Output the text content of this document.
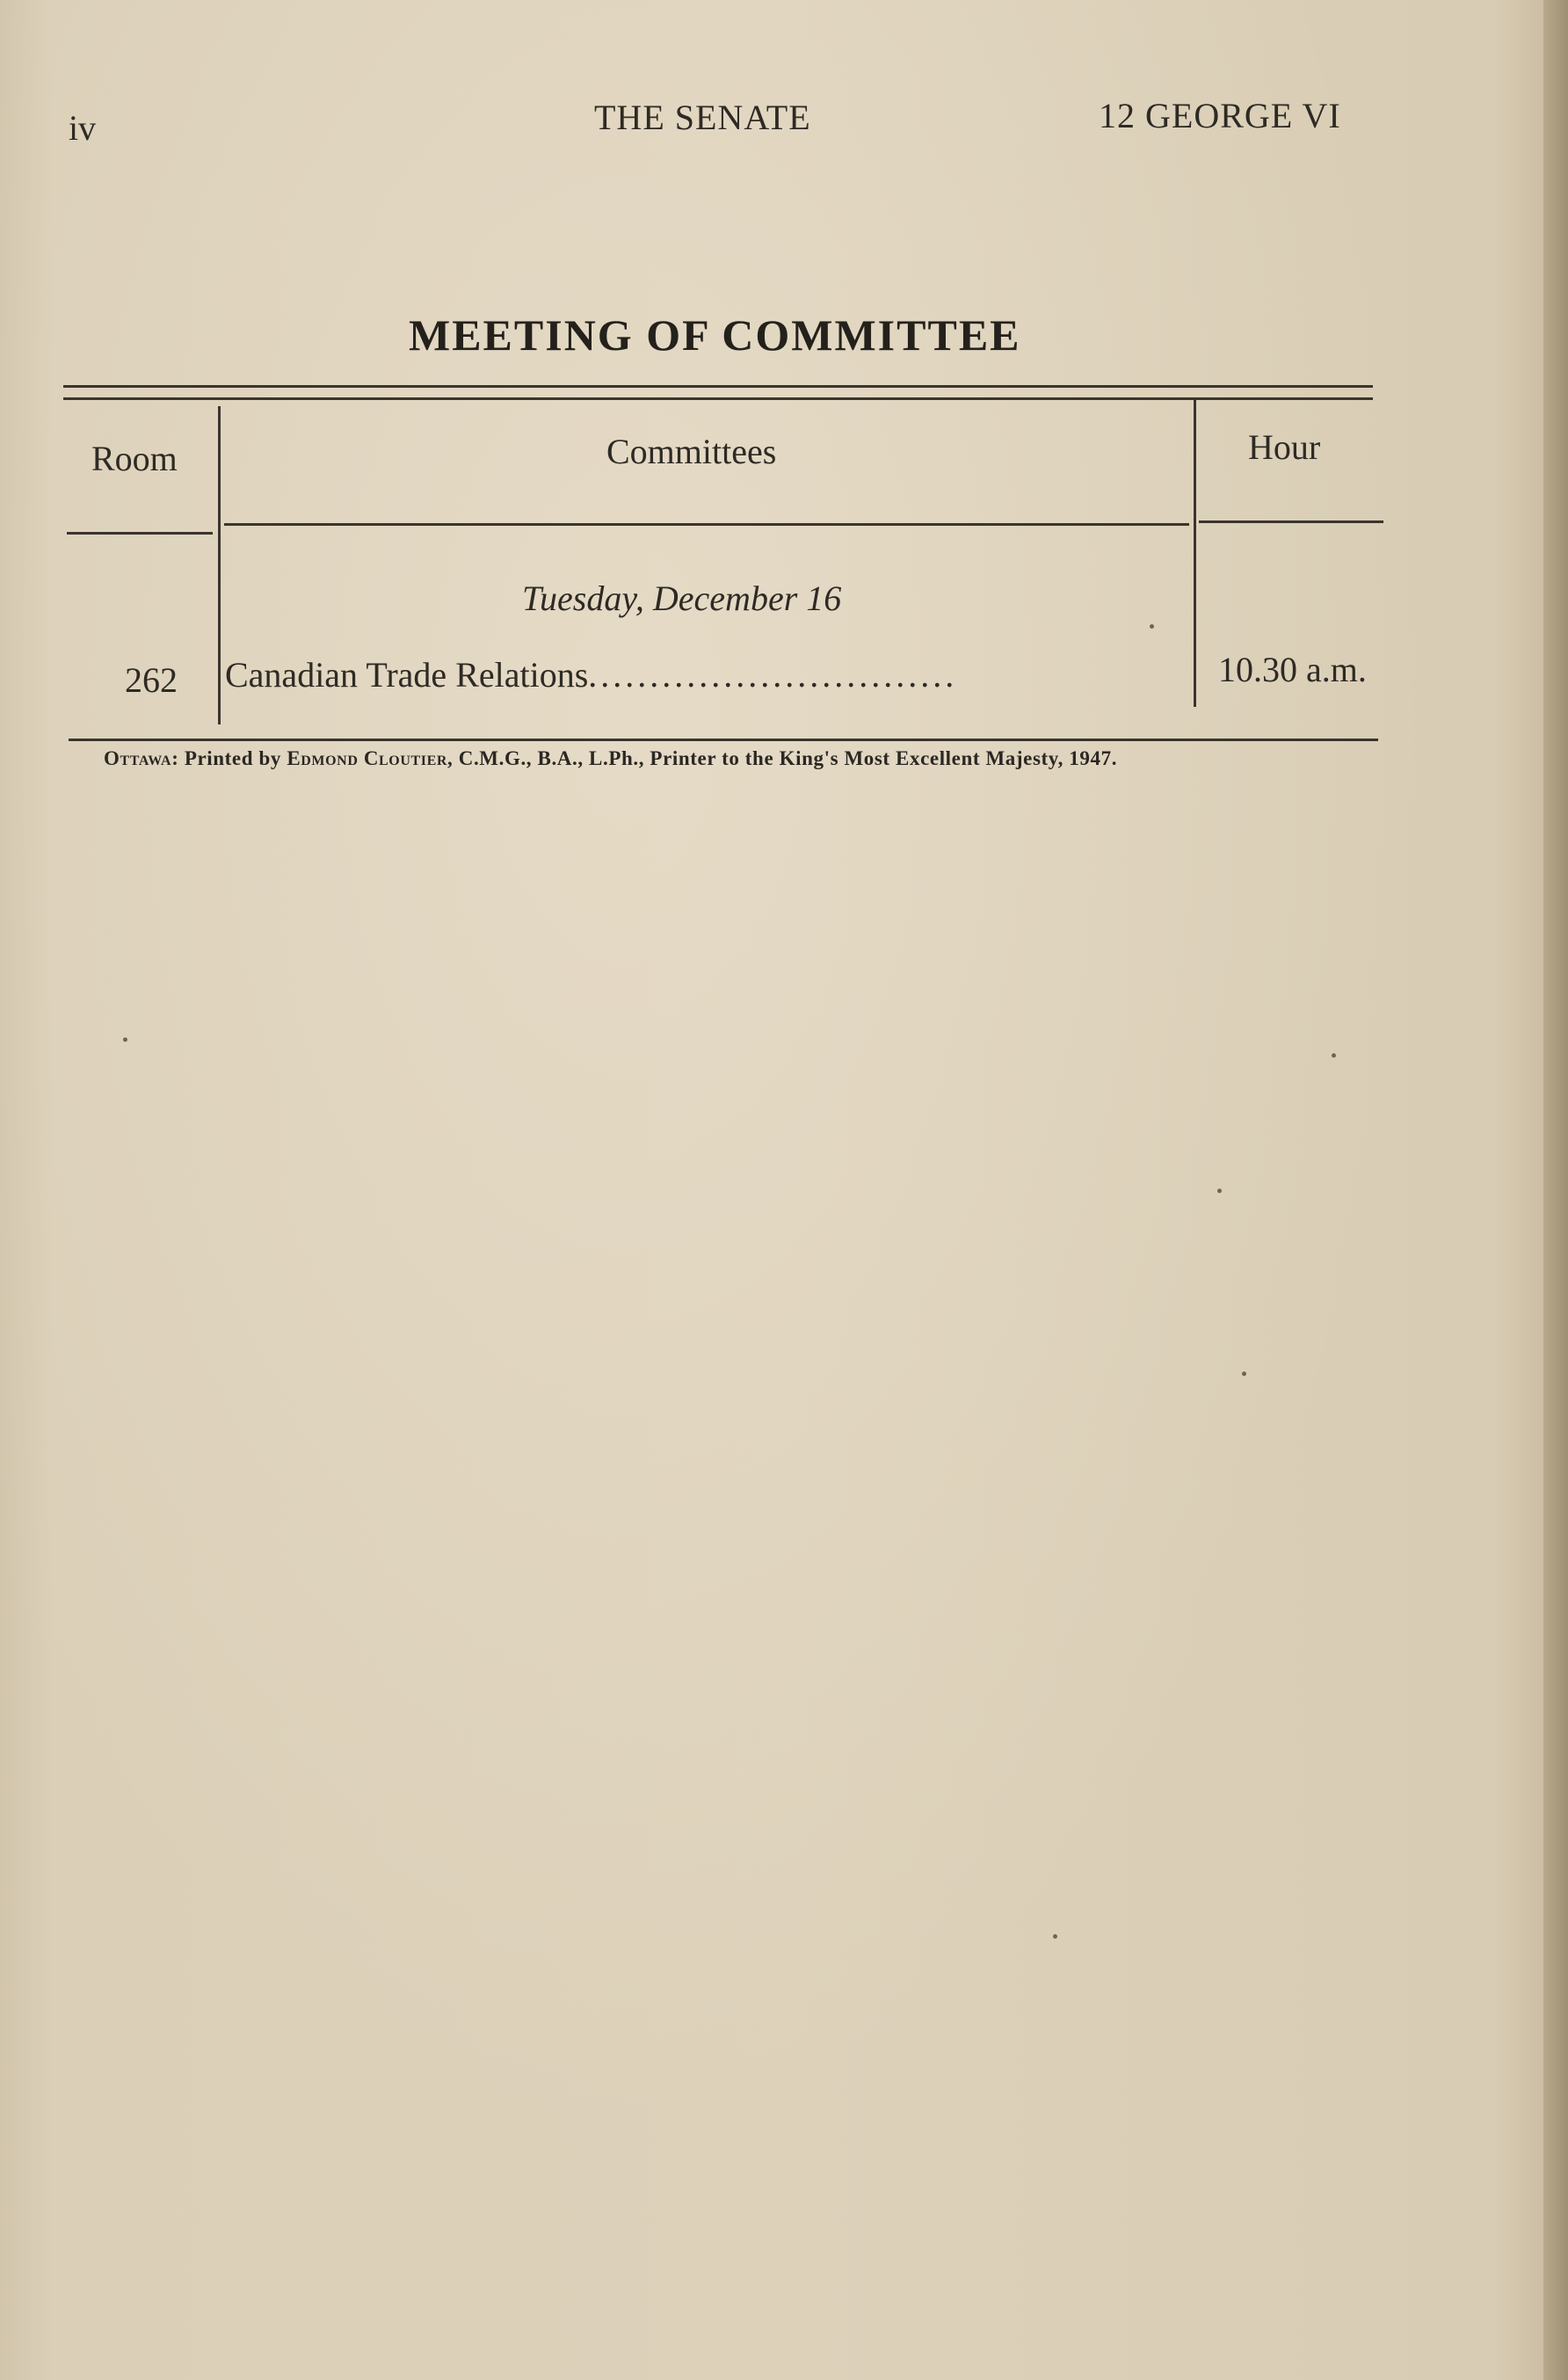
iv	THE SENATE	12 GEORGE VI
MEETING OF COMMITTEE
Room	Committees	Hour
Tuesday, December 16
262 Canadian Trade Relations..............................	10.30 a.m.
Ottawa: Printed by Edmond Cloutier, C.M.G., B.A., L.Ph., Printer to the King's Most Excellent Majesty, 1947.
